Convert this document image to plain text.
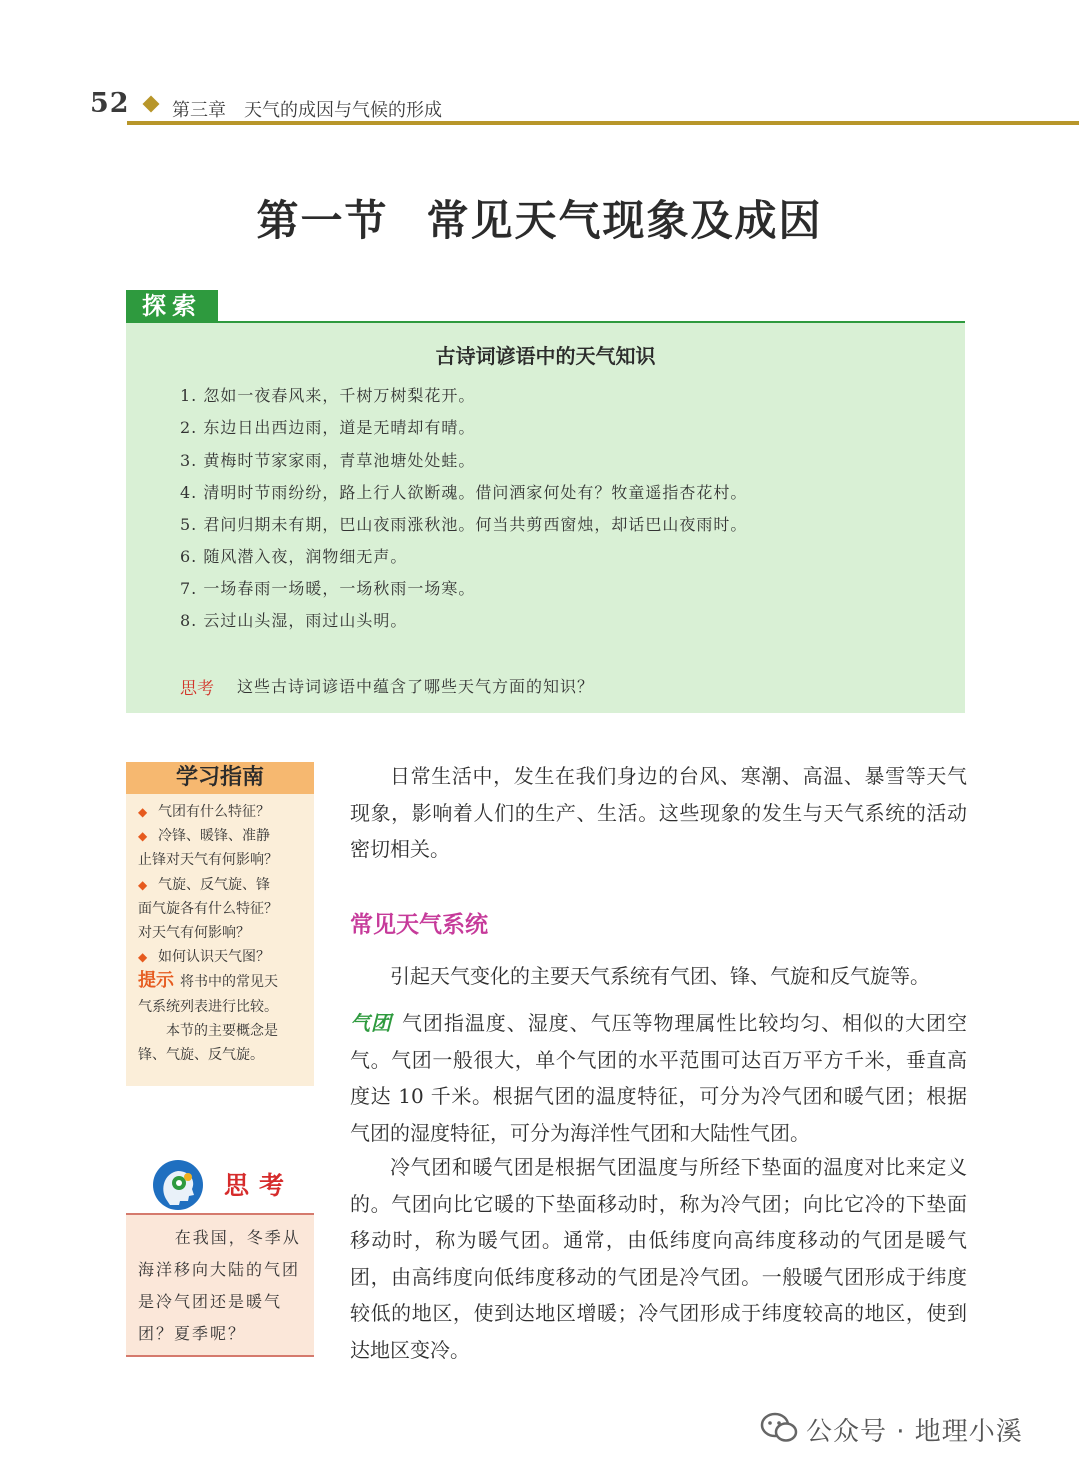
52 第三章　天气的成因与气候的形成
第一节 常见天气现象及成因
探索
古诗词谚语中的天气知识
1. 忽如一夜春风来，千树万树梨花开。
2. 东边日出西边雨，道是无晴却有晴。
3. 黄梅时节家家雨，青草池塘处处蛙。
4. 清明时节雨纷纷，路上行人欲断魂。借问酒家何处有？牧童遥指杏花村。
5. 君问归期未有期，巴山夜雨涨秋池。何当共剪西窗烛，却话巴山夜雨时。
6. 随风潜入夜，润物细无声。
7. 一场春雨一场暖，一场秋雨一场寒。
8. 云过山头湿，雨过山头明。
思考 这些古诗词谚语中蕴含了哪些天气方面的知识？
学习指南
◆ 气团有什么特征？
◆ 冷锋、暖锋、准静
止锋对天气有何影响？
◆ 气旋、反气旋、锋
面气旋各有什么特征？
对天气有何影响？
◆ 如何认识天气图？
提示 将书中的常见天
气系统列表进行比较。
本节的主要概念是
锋、气旋、反气旋。
思考
在我国，冬季从海洋移向大陆的气团是冷气团还是暖气团？夏季呢？
日常生活中，发生在我们身边的台风、寒潮、高温、暴雪等天气现象，影响着人们的生产、生活。这些现象的发生与天气系统的活动密切相关。
常见天气系统
引起天气变化的主要天气系统有气团、锋、气旋和反气旋等。
气团 气团指温度、湿度、气压等物理属性比较均匀、相似的大团空气。气团一般很大，单个气团的水平范围可达百万平方千米，垂直高度达 10 千米。根据气团的温度特征，可分为冷气团和暖气团；根据气团的湿度特征，可分为海洋性气团和大陆性气团。
冷气团和暖气团是根据气团温度与所经下垫面的温度对比来定义的。气团向比它暖的下垫面移动时，称为冷气团；向比它冷的下垫面移动时，称为暖气团。通常，由低纬度向高纬度移动的气团是暖气团，由高纬度向低纬度移动的气团是冷气团。一般暖气团形成于纬度较低的地区，使到达地区增暖；冷气团形成于纬度较高的地区，使到达地区变冷。
公众号 · 地理小溪
